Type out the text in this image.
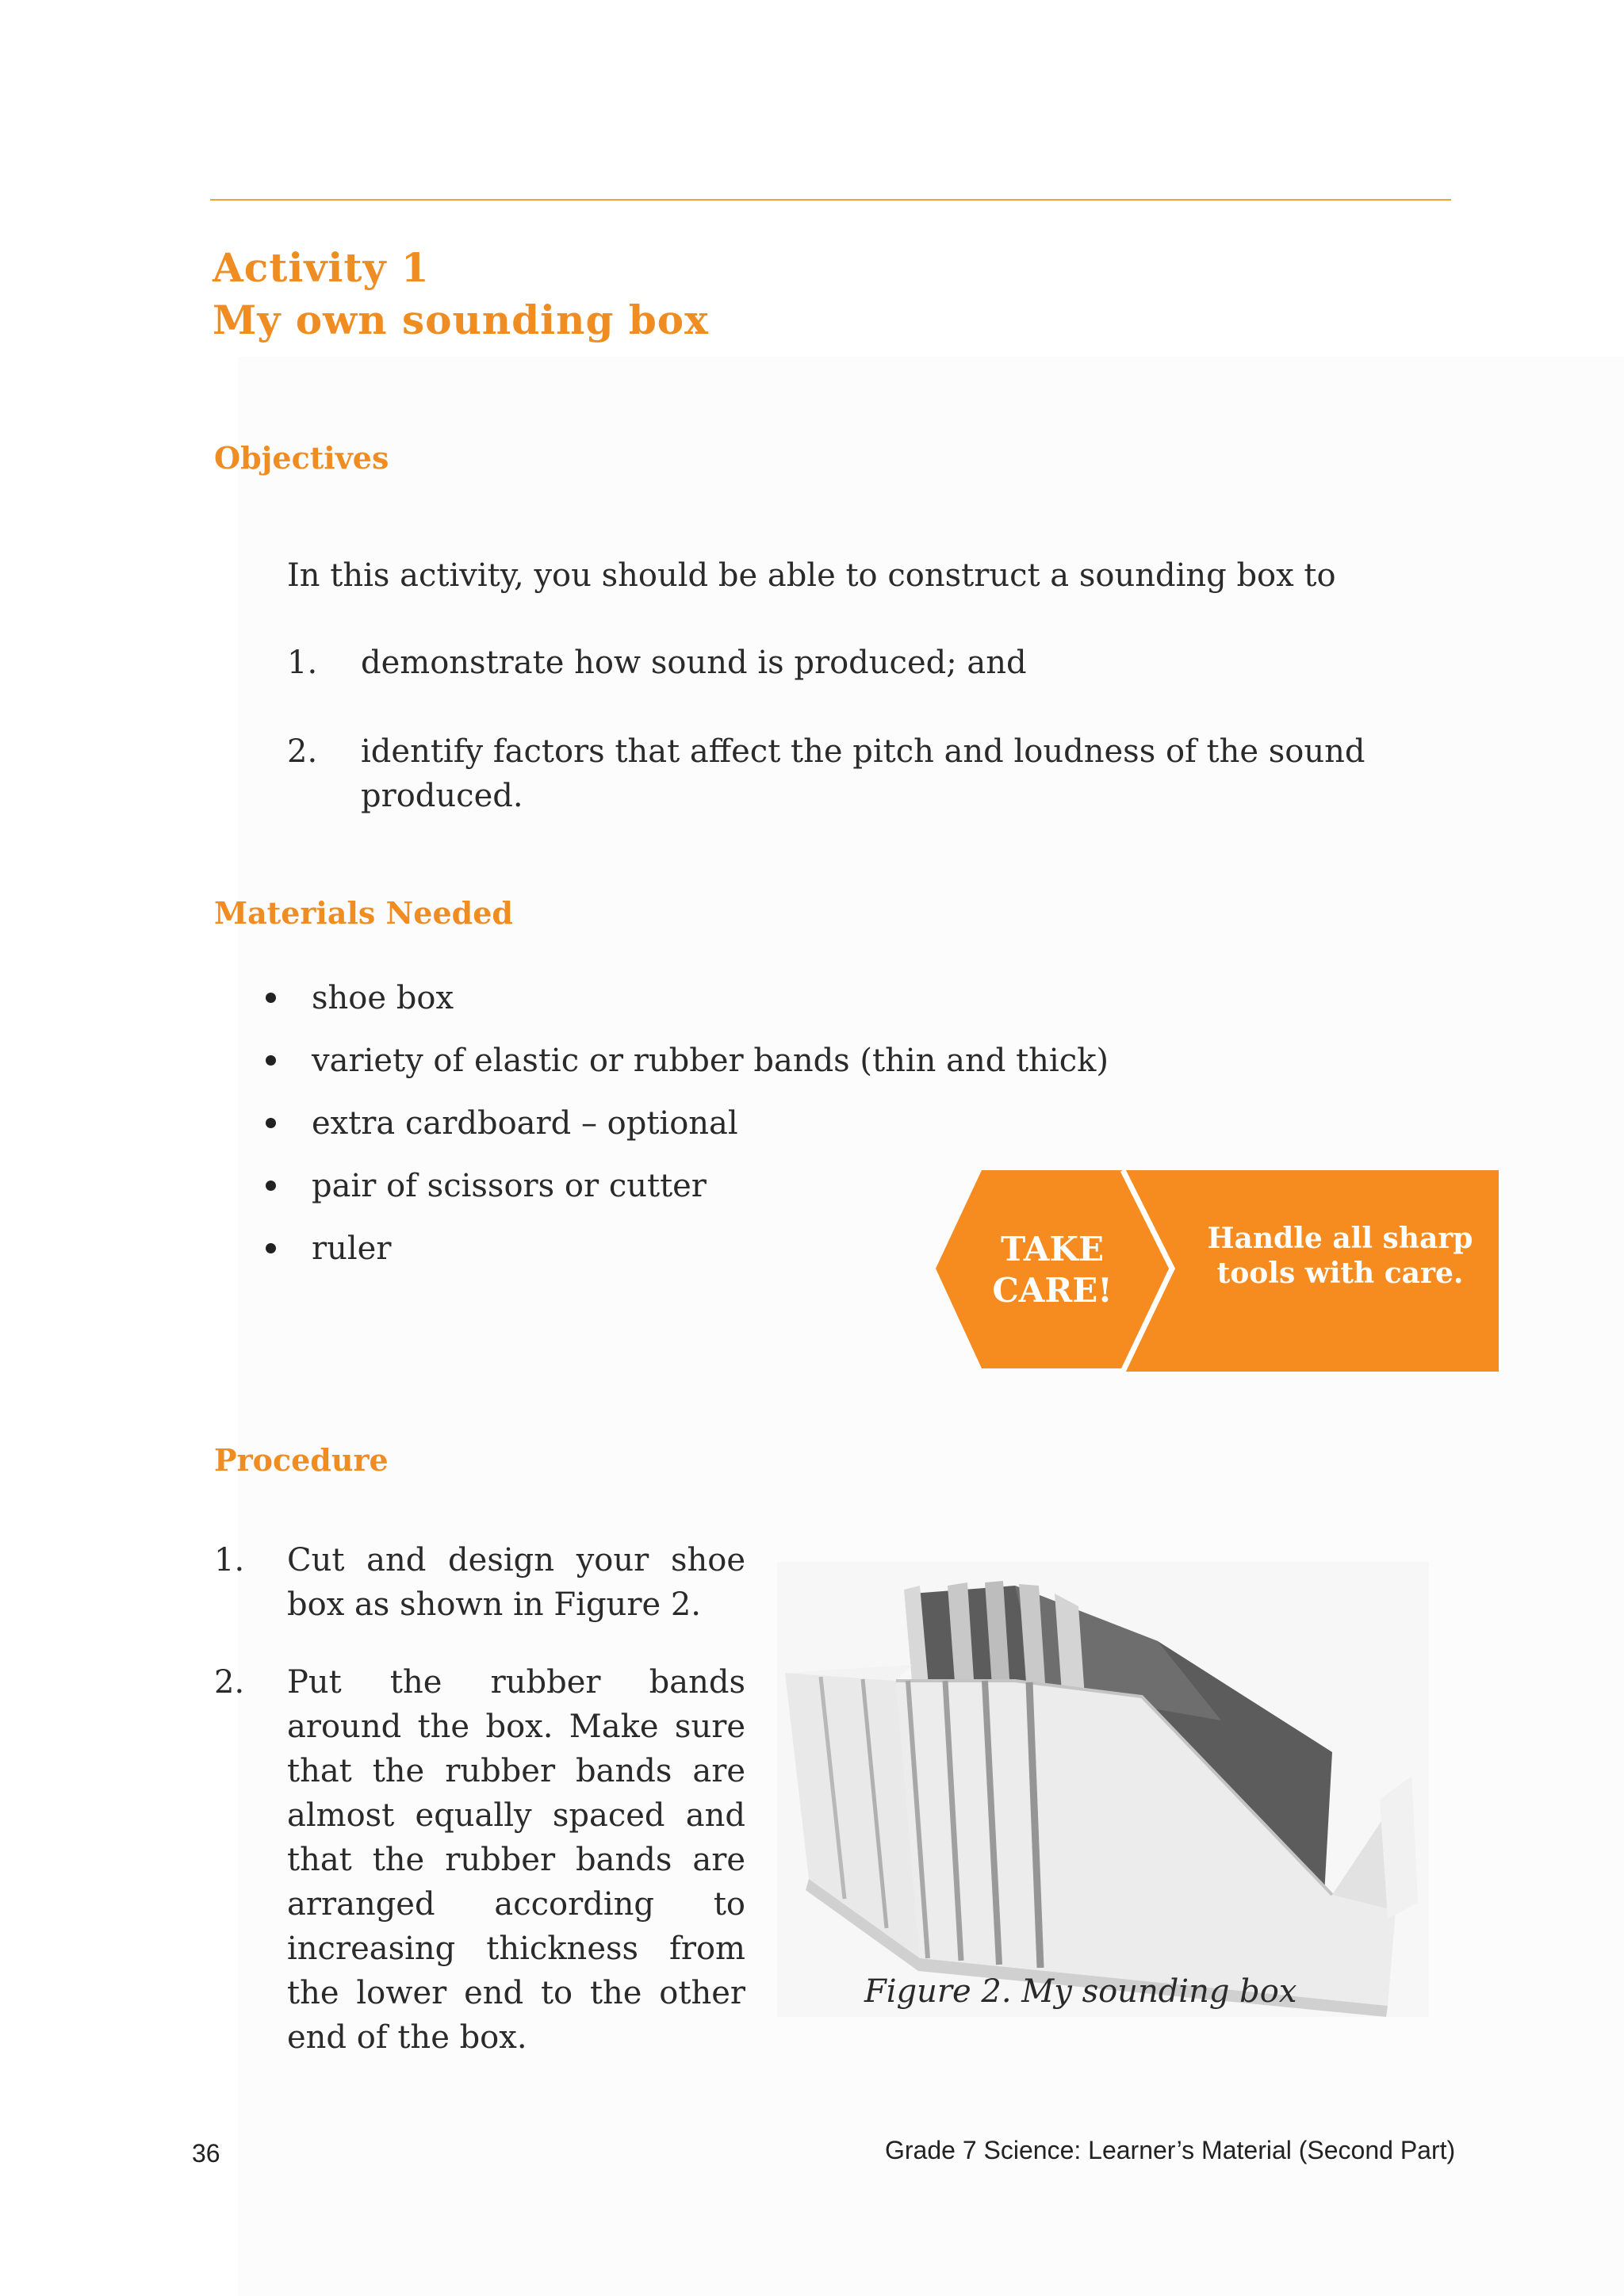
Activity 1
My own sounding box
Objectives
In this activity, you should be able to construct a sounding box to
1. demonstrate how sound is produced; and
2. identify factors that affect the pitch and loudness of the sound
produced.
Materials Needed
shoe box
variety of elastic or rubber bands (thin and thick)
extra cardboard – optional
pair of scissors or cutter
ruler	TAKE
CARE!
Handle all sharp
tools with care.
Procedure
1. Cut and design your shoe box as shown in Figure 2.
2. Put the rubber bands around the box. Make sure that the rubber bands are almost equally spaced and that the rubber bands are arranged according to increasing thickness from the lower end to the other end of the box.
Figure 2. My sounding box
36	Grade 7 Science: Learner’s Material (Second Part)
